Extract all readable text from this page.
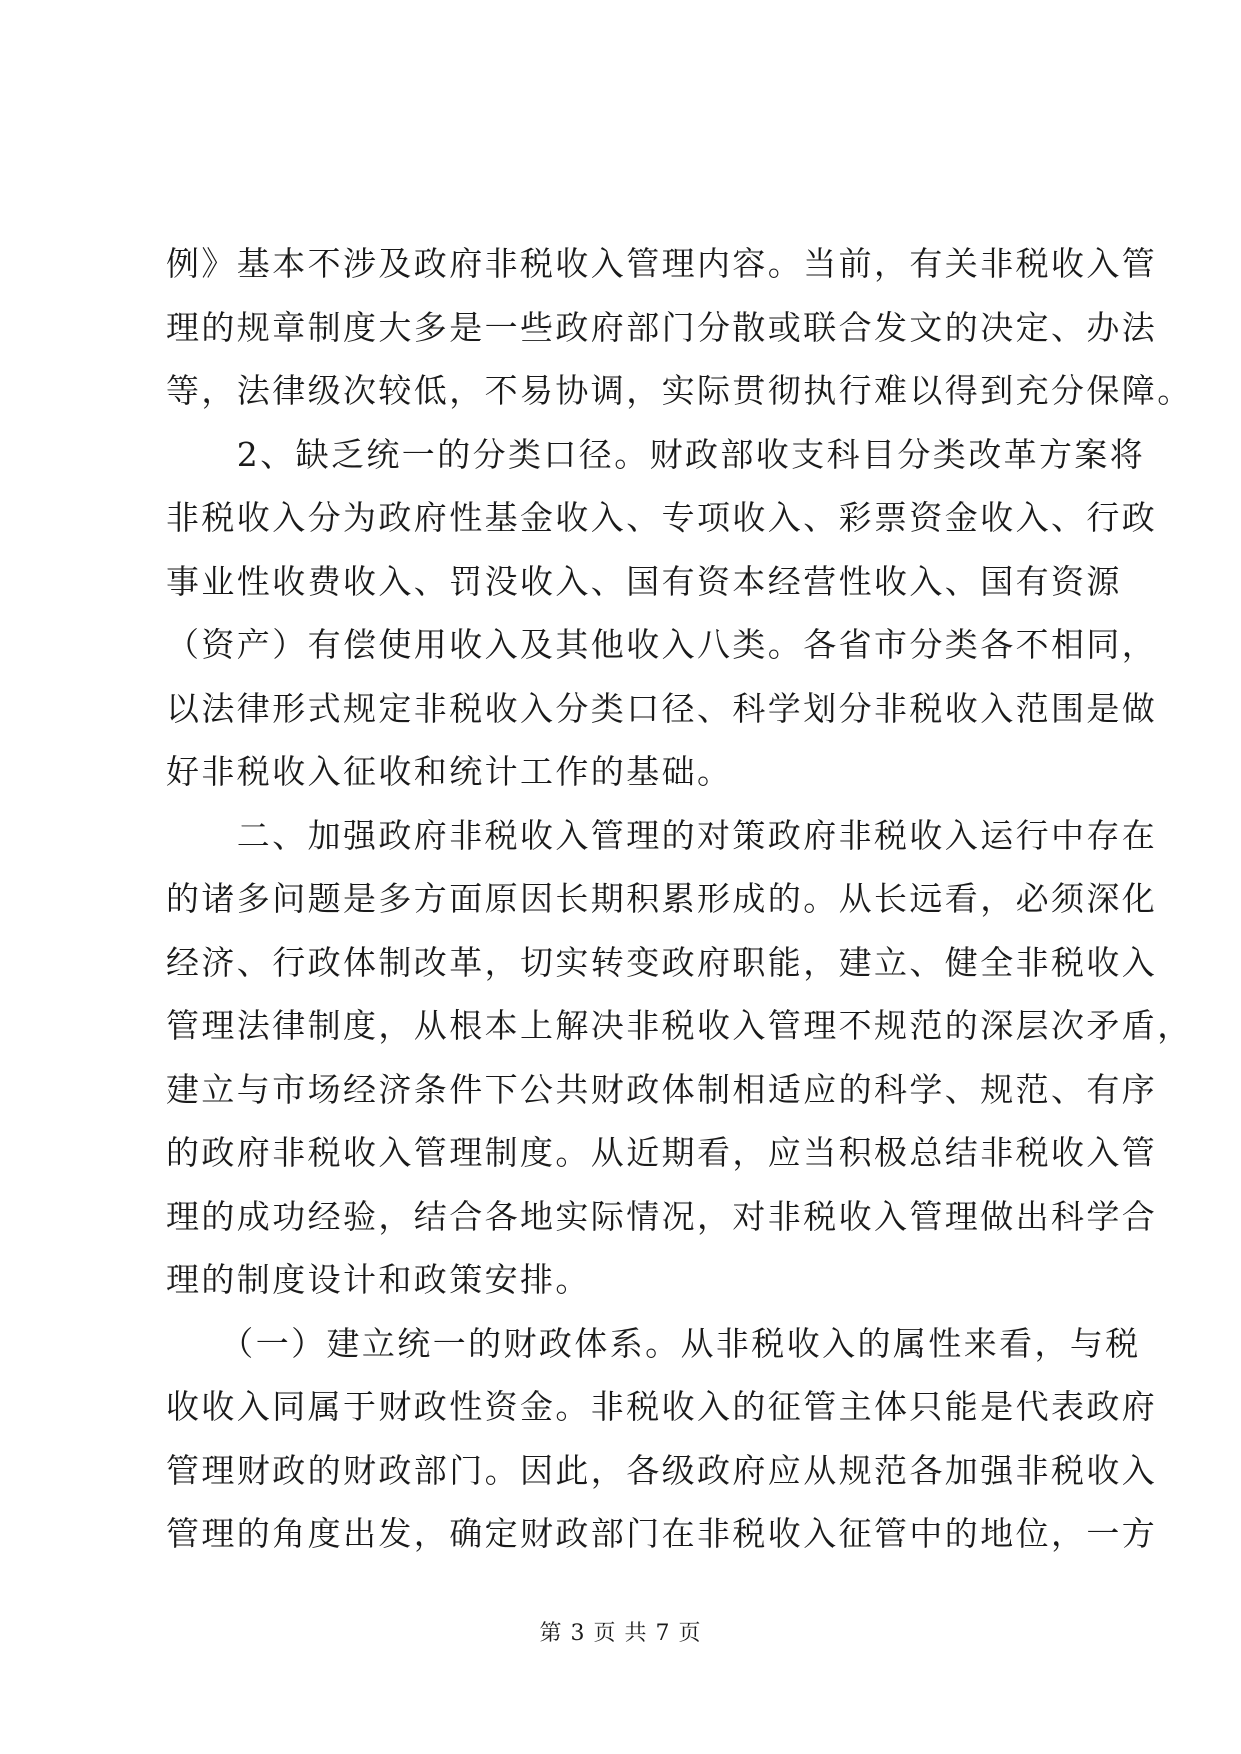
例》基本不涉及政府非税收入管理内容。当前，有关非税收入管
理的规章制度大多是一些政府部门分散或联合发文的决定、办法
等，法律级次较低，不易协调，实际贯彻执行难以得到充分保障。
　　2、缺乏统一的分类口径。财政部收支科目分类改革方案将
非税收入分为政府性基金收入、专项收入、彩票资金收入、行政
事业性收费收入、罚没收入、国有资本经营性收入、国有资源
（资产）有偿使用收入及其他收入八类。各省市分类各不相同，
以法律形式规定非税收入分类口径、科学划分非税收入范围是做
好非税收入征收和统计工作的基础。
　　二、加强政府非税收入管理的对策政府非税收入运行中存在
的诸多问题是多方面原因长期积累形成的。从长远看，必须深化
经济、行政体制改革，切实转变政府职能，建立、健全非税收入
管理法律制度，从根本上解决非税收入管理不规范的深层次矛盾，
建立与市场经济条件下公共财政体制相适应的科学、规范、有序
的政府非税收入管理制度。从近期看，应当积极总结非税收入管
理的成功经验，结合各地实际情况，对非税收入管理做出科学合
理的制度设计和政策安排。
　　（一）建立统一的财政体系。从非税收入的属性来看，与税
收收入同属于财政性资金。非税收入的征管主体只能是代表政府
管理财政的财政部门。因此，各级政府应从规范各加强非税收入
管理的角度出发，确定财政部门在非税收入征管中的地位，一方
第 3 页 共 7 页
